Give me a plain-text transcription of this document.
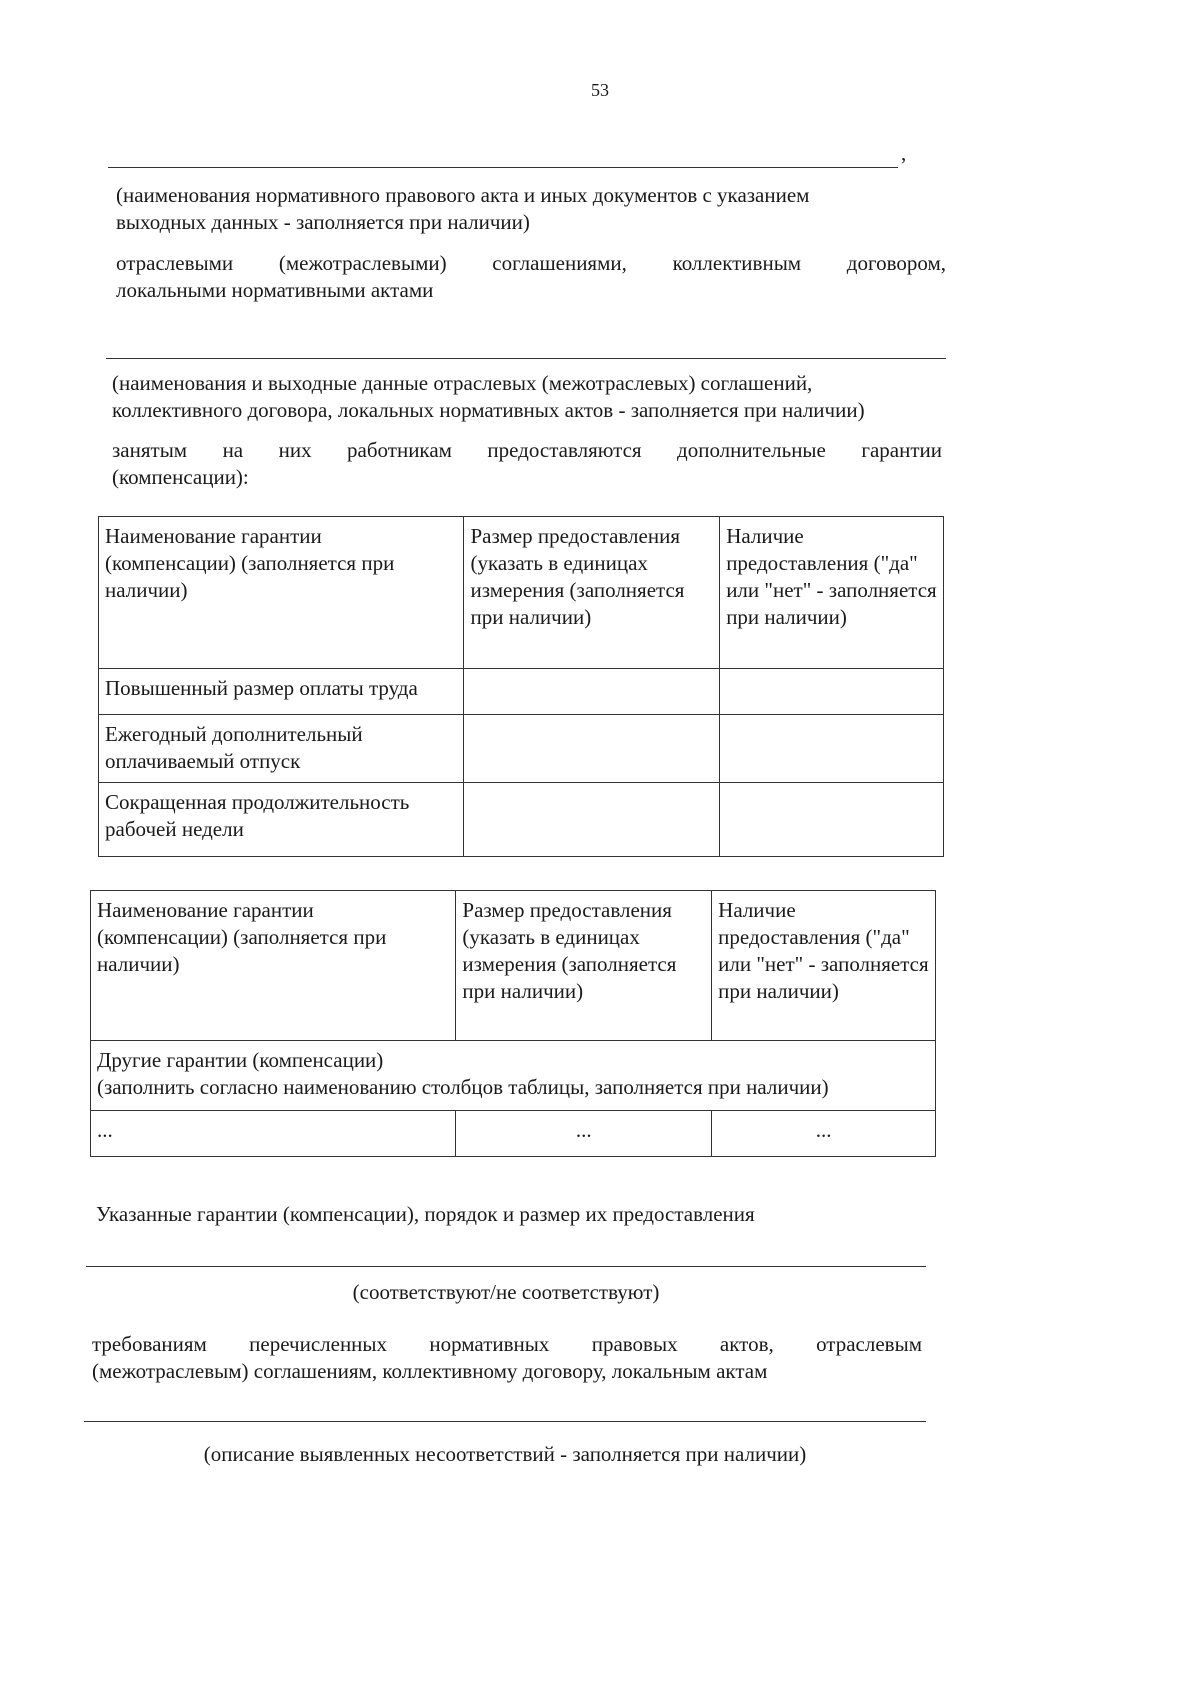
53
,
(наименования нормативного правового акта и иных документов с указанием выходных данных - заполняется при наличии)
отраслевыми (межотраслевыми) соглашениями, коллективным договором,
локальными нормативными актами
(наименования и выходные данные отраслевых (межотраслевых) соглашений, коллективного договора, локальных нормативных актов - заполняется при наличии)
занятым на них работникам предоставляются дополнительные гарантии
(компенсации):
Наименование гарантии (компенсации) (заполняется при наличии)	Размер предоставления (указать в единицах измерения (заполняется при наличии)	Наличие предоставления ("да" или "нет" - заполняется при наличии)
Повышенный размер оплаты труда		
Ежегодный дополнительный оплачиваемый отпуск		
Сокращенная продолжительность рабочей недели		
Наименование гарантии (компенсации) (заполняется при наличии)	Размер предоставления (указать в единицах измерения (заполняется при наличии)	Наличие предоставления ("да" или "нет" - заполняется при наличии)

Другие гарантии (компенсации)
(заполнить согласно наименованию столбцов таблицы, заполняется при наличии)		

...	...	...
Указанные гарантии (компенсации), порядок и размер их предоставления
(соответствуют/не соответствуют)
требованиям перечисленных нормативных правовых актов, отраслевым
(межотраслевым) соглашениям, коллективному договору, локальным актам
(описание выявленных несоответствий - заполняется при наличии)
